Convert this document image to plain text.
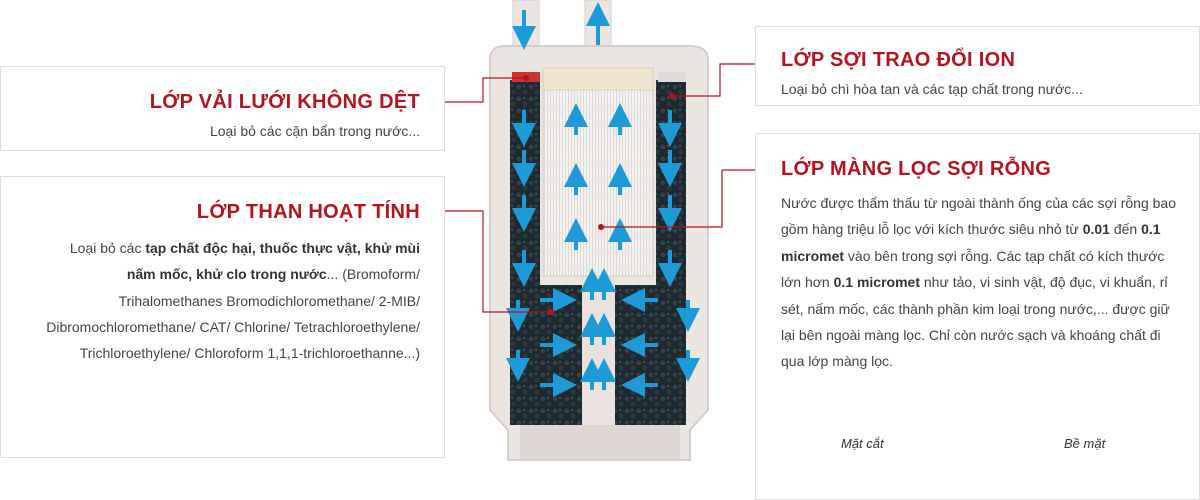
LỚP VẢI LƯỚI KHÔNG DỆT
Loại bỏ các cặn bẩn trong nước...
LỚP THAN HOẠT TÍNH
Loại bỏ các tạp chất độc hại, thuốc thực vật, khử mùi nấm mốc, khử clo trong nước... (Bromoform/ Trihalomethanes Bromodichloromethane/ 2-MIB/ Dibromochloromethane/ CAT/ Chlorine/ Tetrachloroethylene/ Trichloroethylene/ Chloroform 1,1,1-trichloroethanne...)
LỚP SỢI TRAO ĐỔI ION
Loại bỏ chì hòa tan và các tạp chất trong nước...
LỚP MÀNG LỌC SỢI RỖNG
Nước được thẩm thấu từ ngoài thành ống của các sợi rỗng bao gồm hàng triệu lỗ lọc với kích thước siêu nhỏ từ 0.01 đến 0.1 micromet vào bên trong sợi rỗng. Các tạp chất có kích thước lớn hơn 0.1 micromet như tảo, vi sinh vật, độ đục, vi khuẩn, rỉ sét, nấm mốc, các thành phần kim loại trong nước,... được giữ lại bên ngoài màng lọc. Chỉ còn nước sạch và khoáng chất đi qua lớp màng lọc.
Mặt cắt	Bề mặt
